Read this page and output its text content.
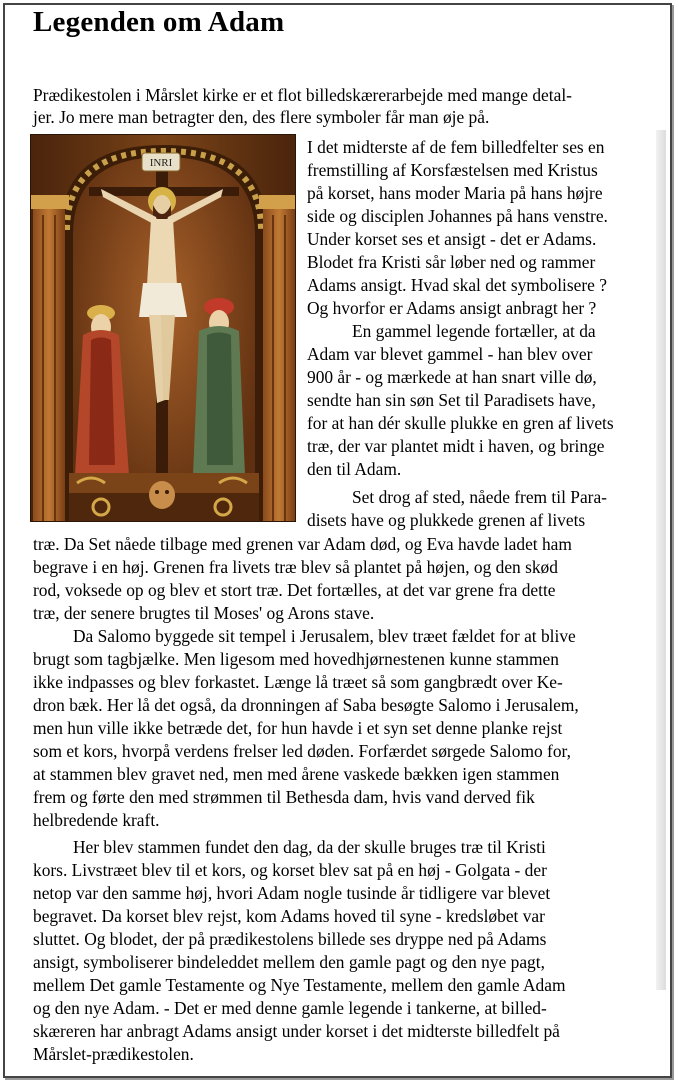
Legenden om Adam
Prædikestolen i Mårslet kirke er et flot billedskærerarbejde med mange detal-
jer. Jo mere man betragter den, des flere symboler får man øje på.
INRI
I det midterste af de fem billedfelter ses en
fremstilling af Korsfæstelsen med Kristus
på korset, hans moder Maria på hans højre
side og disciplen Johannes på hans venstre.
Under korset ses et ansigt - det er Adams.
Blodet fra Kristi sår løber ned og rammer
Adams ansigt. Hvad skal det symbolisere ?
Og hvorfor er Adams ansigt anbragt her ?
En gammel legende fortæller, at da
Adam var blevet gammel - han blev over
900 år - og mærkede at han snart ville dø,
sendte han sin søn Set til Paradisets have,
for at han dér skulle plukke en gren af livets
træ, der var plantet midt i haven, og bringe
den til Adam.
Set drog af sted, nåede frem til Para-
disets have og plukkede grenen af livets
træ. Da Set nåede tilbage med grenen var Adam død, og Eva havde ladet ham
begrave i en høj. Grenen fra livets træ blev så plantet på højen, og den skød
rod, voksede op og blev et stort træ. Det fortælles, at det var grene fra dette
træ, der senere brugtes til Moses' og Arons stave.
Da Salomo byggede sit tempel i Jerusalem, blev træet fældet for at blive
brugt som tagbjælke. Men ligesom med hovedhjørnestenen kunne stammen
ikke indpasses og blev forkastet. Længe lå træet så som gangbrædt over Ke-
dron bæk. Her lå det også, da dronningen af Saba besøgte Salomo i Jerusalem,
men hun ville ikke betræde det, for hun havde i et syn set denne planke rejst
som et kors, hvorpå verdens frelser led døden. Forfærdet sørgede Salomo for,
at stammen blev gravet ned, men med årene vaskede bækken igen stammen
frem og førte den med strømmen til Bethesda dam, hvis vand derved fik
helbredende kraft.
Her blev stammen fundet den dag, da der skulle bruges træ til Kristi
kors. Livstræet blev til et kors, og korset blev sat på en høj - Golgata - der
netop var den samme høj, hvori Adam nogle tusinde år tidligere var blevet
begravet. Da korset blev rejst, kom Adams hoved til syne - kredsløbet var
sluttet. Og blodet, der på prædikestolens billede ses dryppe ned på Adams
ansigt, symboliserer bindeleddet mellem den gamle pagt og den nye pagt,
mellem Det gamle Testamente og Nye Testamente, mellem den gamle Adam
og den nye Adam. - Det er med denne gamle legende i tankerne, at billed-
skæreren har anbragt Adams ansigt under korset i det midterste billedfelt på
Mårslet-prædikestolen.
